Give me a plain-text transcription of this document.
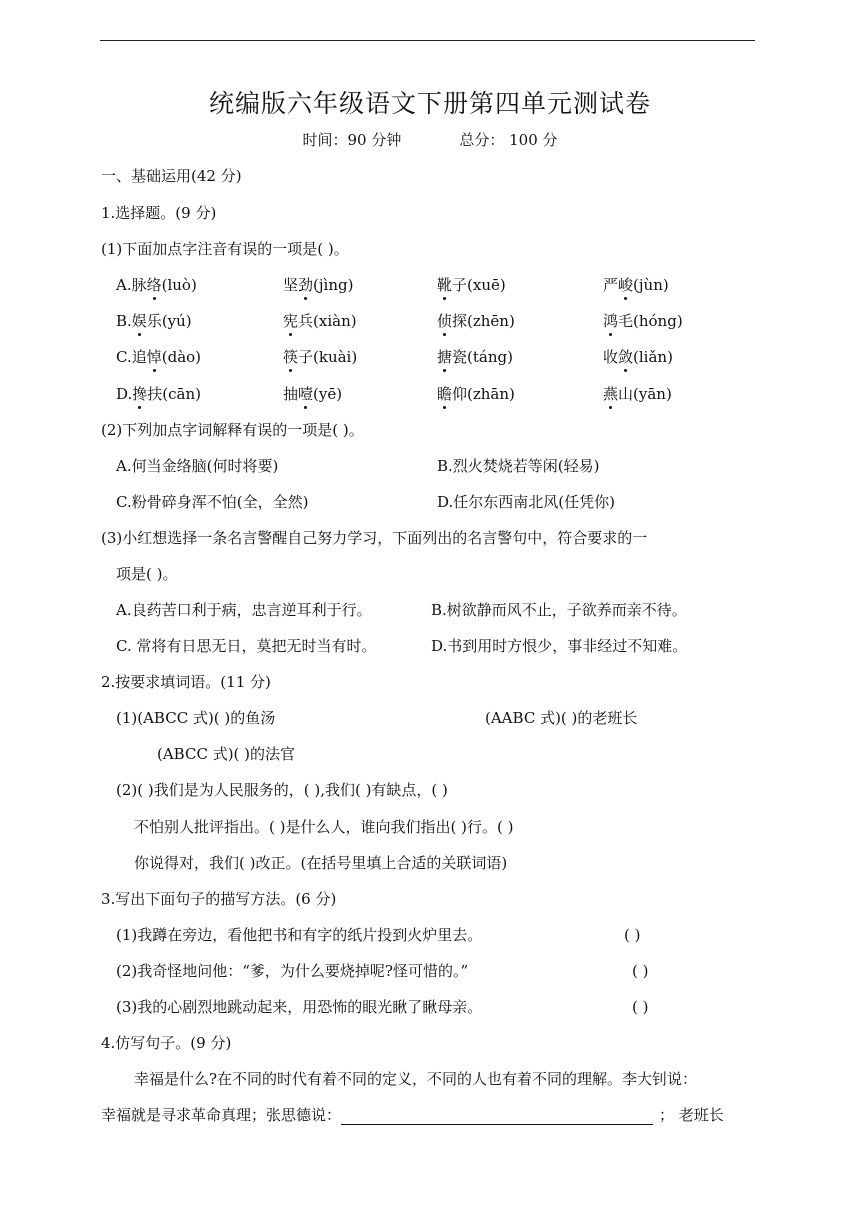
统编版六年级语文下册第四单元测试卷
时间：90 分钟	总分： 100 分
一、基础运用(42 分)
1.选择题。(9 分)
(1)下面加点字注音有误的一项是( )。
A.脉络(luò)	坚劲(jìng)	靴子(xuē)	严峻(jùn)
B.娱乐(yú)	宪兵(xiàn)	侦探(zhēn)	鸿毛(hóng)
C.追悼(dào)	筷子(kuài)	搪瓷(táng)	收敛(liǎn)
D.搀扶(cān)	抽噎(yē)	瞻仰(zhān)	燕山(yān)
(2)下列加点字词解释有误的一项是( )。
A.何当金络脑(何时将要)	B.烈火焚烧若等闲(轻易)
C.粉骨碎身浑不怕(全，全然)	D.任尔东西南北风(任凭你)
(3)小红想选择一条名言警醒自己努力学习，下面列出的名言警句中，符合要求的一
项是( )。
A.良药苦口利于病，忠言逆耳利于行。	B.树欲静而风不止，子欲养而亲不待。
C. 常将有日思无日，莫把无时当有时。	D.书到用时方恨少，事非经过不知难。
2.按要求填词语。(11 分)
(1)(ABCC 式)( )的鱼汤	(AABC 式)( )的老班长
(ABCC 式)( )的法官
(2)( )我们是为人民服务的，( ),我们( )有缺点，( )
不怕别人批评指出。( )是什么人，谁向我们指出( )行。( )
你说得对，我们( )改正。(在括号里填上合适的关联词语)
3.写出下面句子的描写方法。(6 分)
(1)我蹲在旁边，看他把书和有字的纸片投到火炉里去。	( )
(2)我奇怪地问他：“爹，为什么要烧掉呢?怪可惜的。”	( )
(3)我的心剧烈地跳动起来，用恐怖的眼光瞅了瞅母亲。	( )
4.仿写句子。(9 分)
幸福是什么?在不同的时代有着不同的定义，不同的人也有着不同的理解。李大钊说：
幸福就是寻求革命真理；张思德说：	； 老班长
